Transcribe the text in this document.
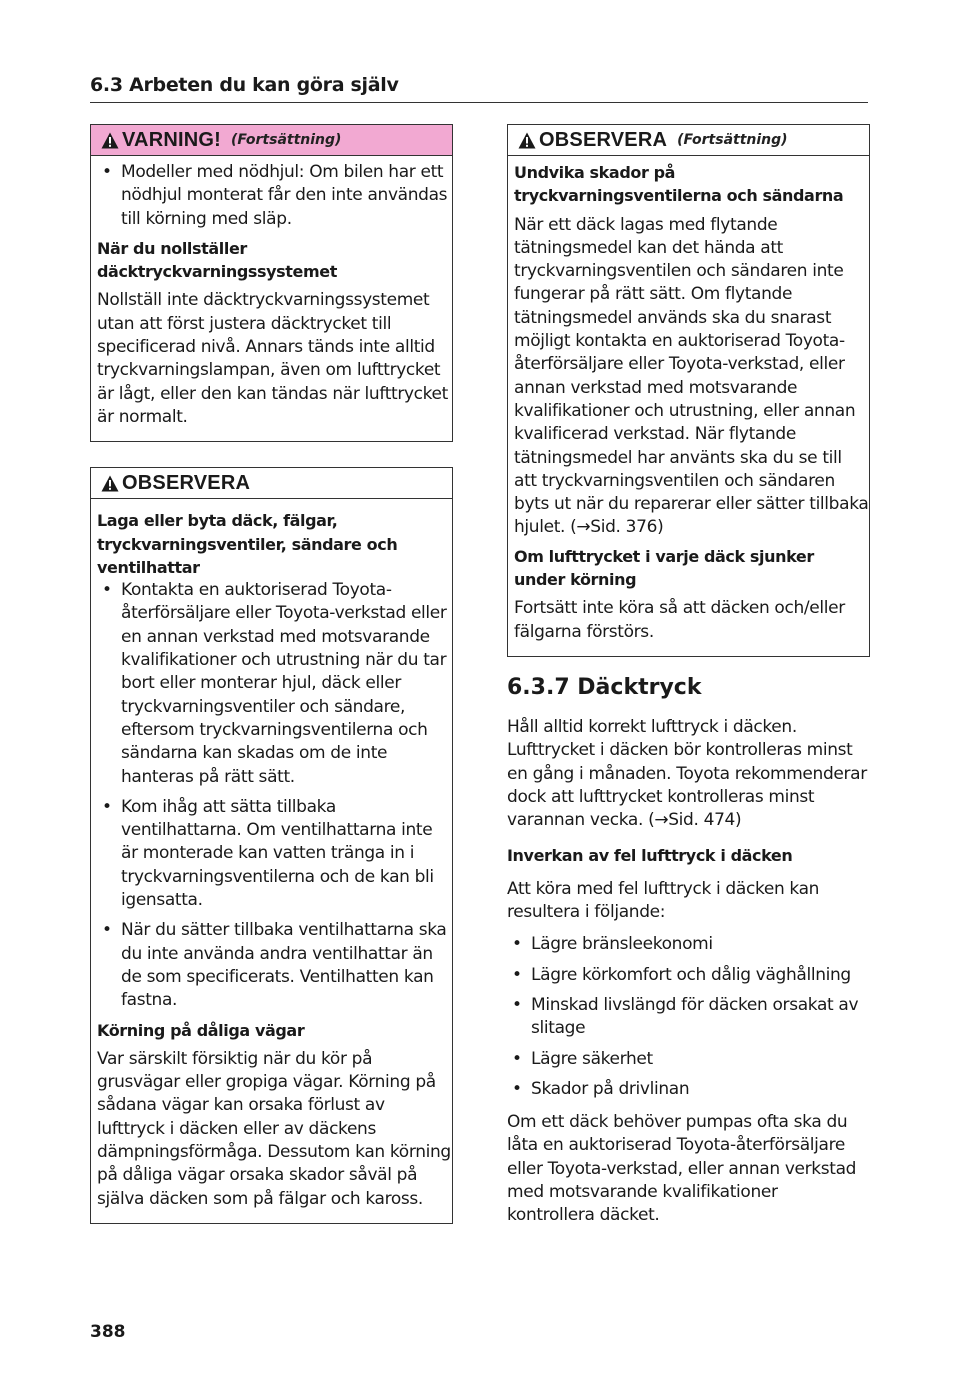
6.3 Arbeten du kan göra själv
VARNING! (Fortsättning)
• Modeller med nödhjul: Om bilen har ett nödhjul monterat får den inte användas till körning med släp.
När du nollställer däcktryckvarningssystemet

Nollställ inte däcktryckvarningssystemet utan att först justera däcktrycket till specificerad nivå. Annars tänds inte alltid tryckvarningslampan, även om lufttrycket är lågt, eller den kan tändas när lufttrycket är normalt.

OBSERVERA
Laga eller byta däck, fälgar, tryckvarningsventiler, sändare och ventilhattar
• Kontakta en auktoriserad Toyota-återförsäljare eller Toyota-verkstad eller en annan verkstad med motsvarande kvalifikationer och utrustning när du tar bort eller monterar hjul, däck eller tryckvarningsventiler och sändare, eftersom tryckvarningsventilerna och sändarna kan skadas om de inte hanteras på rätt sätt.
• Kom ihåg att sätta tillbaka ventilhattarna. Om ventilhattarna inte är monterade kan vatten tränga in i tryckvarningsventilerna och de kan bli igensatta.
• När du sätter tillbaka ventilhattarna ska du inte använda andra ventilhattar än de som specificerats. Ventilhatten kan fastna.
Körning på dåliga vägar

Var särskilt försiktig när du kör på grusvägar eller gropiga vägar. Körning på sådana vägar kan orsaka förlust av lufttryck i däcken eller av däckens dämpningsförmåga. Dessutom kan körning på dåliga vägar orsaka skador såväl på själva däcken som på fälgar och kaross.

OBSERVERA (Fortsättning)
Undvika skador på tryckvarningsventilerna och sändarna

När ett däck lagas med flytande tätningsmedel kan det hända att tryckvarningsventilen och sändaren inte fungerar på rätt sätt. Om flytande tätningsmedel används ska du snarast möjligt kontakta en auktoriserad Toyota-återförsäljare eller Toyota-verkstad, eller annan verkstad med motsvarande kvalifikationer och utrustning, eller annan kvalificerad verkstad. När flytande tätningsmedel har använts ska du se till att tryckvarningsventilen och sändaren byts ut när du reparerar eller sätter tillbaka hjulet. (→Sid. 376)

Om lufttrycket i varje däck sjunker under körning

Fortsätt inte köra så att däcken och/eller fälgarna förstörs.

6.3.7 Däcktryck

Håll alltid korrekt lufttryck i däcken. Lufttrycket i däcken bör kontrolleras minst en gång i månaden. Toyota rekommenderar dock att lufttrycket kontrolleras minst varannan vecka. (→Sid. 474)

Inverkan av fel lufttryck i däcken

Att köra med fel lufttryck i däcken kan resultera i följande:

• Lägre bränsleekonomi
• Lägre körkomfort och dålig väghållning
• Minskad livslängd för däcken orsakat av slitage
• Lägre säkerhet
• Skador på drivlinan

Om ett däck behöver pumpas ofta ska du låta en auktoriserad Toyota-återförsäljare eller Toyota-verkstad, eller annan verkstad med motsvarande kvalifikationer kontrollera däcket.

388
